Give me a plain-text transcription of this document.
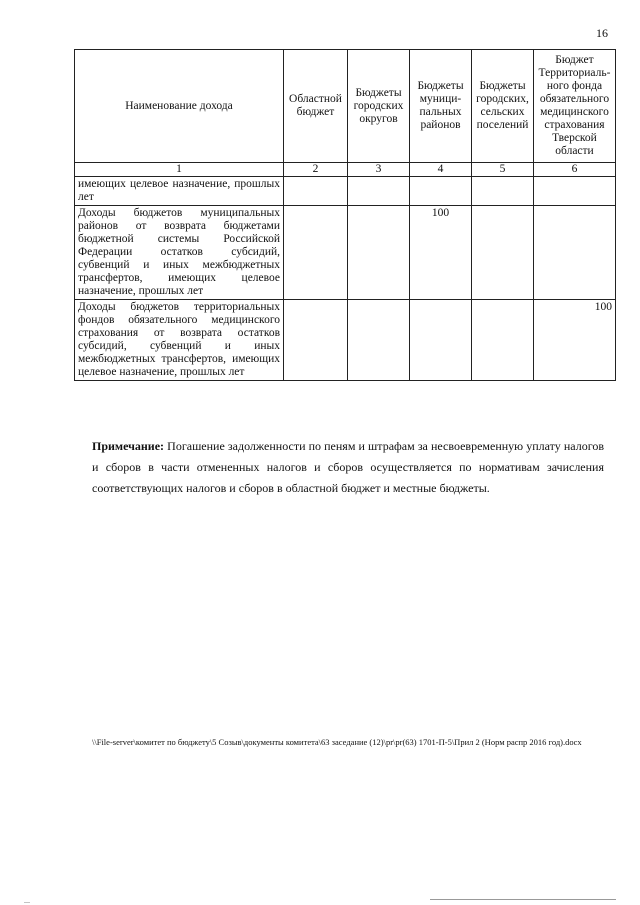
16
Наименование дохода	Областной бюджет	Бюджеты городских округов	Бюджеты муници-пальных районов	Бюджеты городских, сельских поселений	Бюджет Территориаль-ного фонда обязательного медицинского страхования Тверской области
1	2	3	4	5	6
имеющих целевое назначение, прошлых лет					
Доходы бюджетов муниципальных районов от возврата бюджетами бюджетной системы Российской Федерации остатков субсидий, субвенций и иных межбюджетных трансфертов, имеющих целевое назначение, прошлых лет			100		
Доходы бюджетов территориальных фондов обязательного медицинского страхования от возврата остатков субсидий, субвенций и иных межбюджетных трансфертов, имеющих целевое назначение, прошлых лет					100
Примечание: Погашение задолженности по пеням и штрафам за несвоевременную уплату налогов и сборов в части отмененных налогов и сборов осуществляется по нормативам зачисления соответствующих налогов и сборов в областной бюджет и местные бюджеты.
\\File-server\комитет по бюджету\5 Созыв\документы комитета\63 заседание (12)\pr\pr(63) 1701-П-5\Прил 2 (Норм распр 2016 год).docx
...
